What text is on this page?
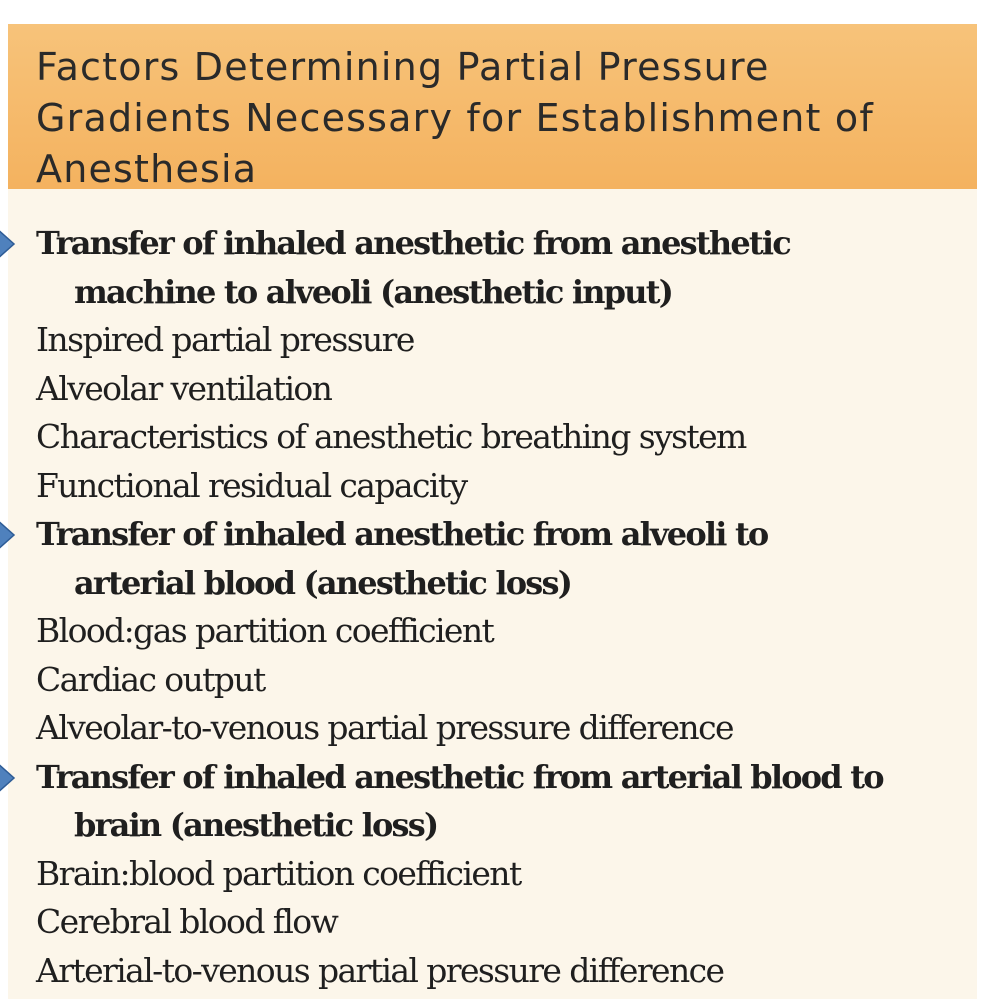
Factors Determining Partial Pressure Gradients Necessary for Establishment of Anesthesia
Transfer of inhaled anesthetic from anesthetic
machine to alveoli (anesthetic input)
Inspired partial pressure
Alveolar ventilation
Characteristics of anesthetic breathing system
Functional residual capacity
Transfer of inhaled anesthetic from alveoli to
arterial blood (anesthetic loss)
Blood:gas partition coefficient
Cardiac output
Alveolar-to-venous partial pressure difference
Transfer of inhaled anesthetic from arterial blood to
brain (anesthetic loss)
Brain:blood partition coefficient
Cerebral blood flow
Arterial-to-venous partial pressure difference
